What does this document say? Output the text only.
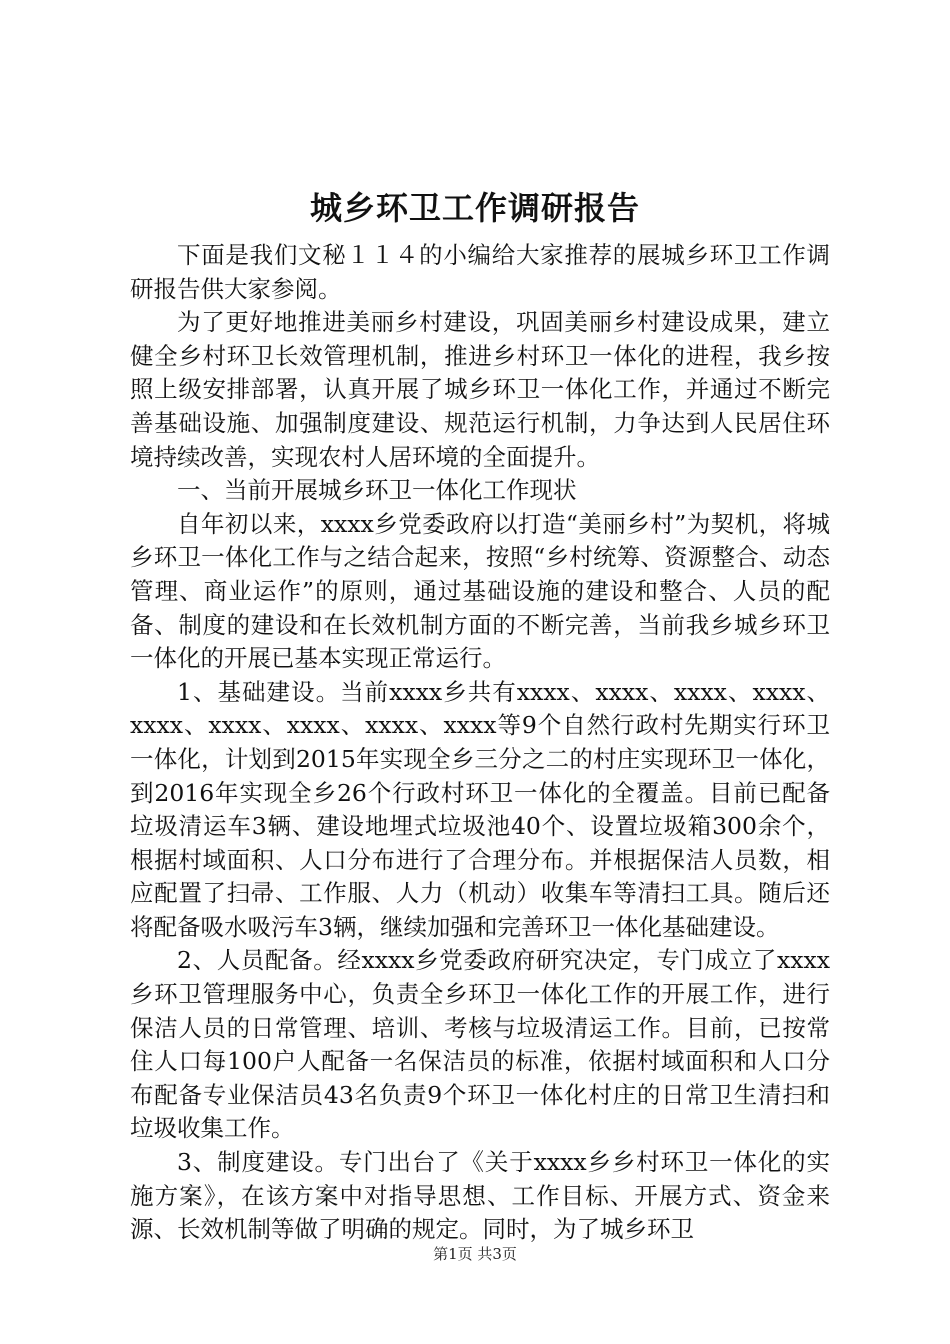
城乡环卫工作调研报告

下面是我们文秘１１４的小编给大家推荐的展城乡环卫工作调研报告供大家参阅。

为了更好地推进美丽乡村建设，巩固美丽乡村建设成果，建立健全乡村环卫长效管理机制，推进乡村环卫一体化的进程，我乡按照上级安排部署，认真开展了城乡环卫一体化工作，并通过不断完善基础设施、加强制度建设、规范运行机制，力争达到人民居住环境持续改善，实现农村人居环境的全面提升。

一、当前开展城乡环卫一体化工作现状

自年初以来，xxxx乡党委政府以打造“美丽乡村”为契机，将城乡环卫一体化工作与之结合起来，按照“乡村统筹、资源整合、动态管理、商业运作”的原则，通过基础设施的建设和整合、人员的配备、制度的建设和在长效机制方面的不断完善，当前我乡城乡环卫一体化的开展已基本实现正常运行。

1、基础建设。当前xxxx乡共有xxxx、xxxx、xxxx、xxxx、xxxx、xxxx、xxxx、xxxx、xxxx等9个自然行政村先期实行环卫一体化，计划到2015年实现全乡三分之二的村庄实现环卫一体化，到2016年实现全乡26个行政村环卫一体化的全覆盖。目前已配备垃圾清运车3辆、建设地埋式垃圾池40个、设置垃圾箱300余个，根据村域面积、人口分布进行了合理分布。并根据保洁人员数，相应配置了扫帚、工作服、人力（机动）收集车等清扫工具。随后还将配备吸水吸污车3辆，继续加强和完善环卫一体化基础建设。

2、人员配备。经xxxx乡党委政府研究决定，专门成立了xxxx乡环卫管理服务中心，负责全乡环卫一体化工作的开展工作，进行保洁人员的日常管理、培训、考核与垃圾清运工作。目前，已按常住人口每100户人配备一名保洁员的标准，依据村域面积和人口分布配备专业保洁员43名负责9个环卫一体化村庄的日常卫生清扫和垃圾收集工作。

3、制度建设。专门出台了《关于xxxx乡乡村环卫一体化的实施方案》，在该方案中对指导思想、工作目标、开展方式、资金来源、长效机制等做了明确的规定。同时，为了城乡环卫

第1页 共3页
